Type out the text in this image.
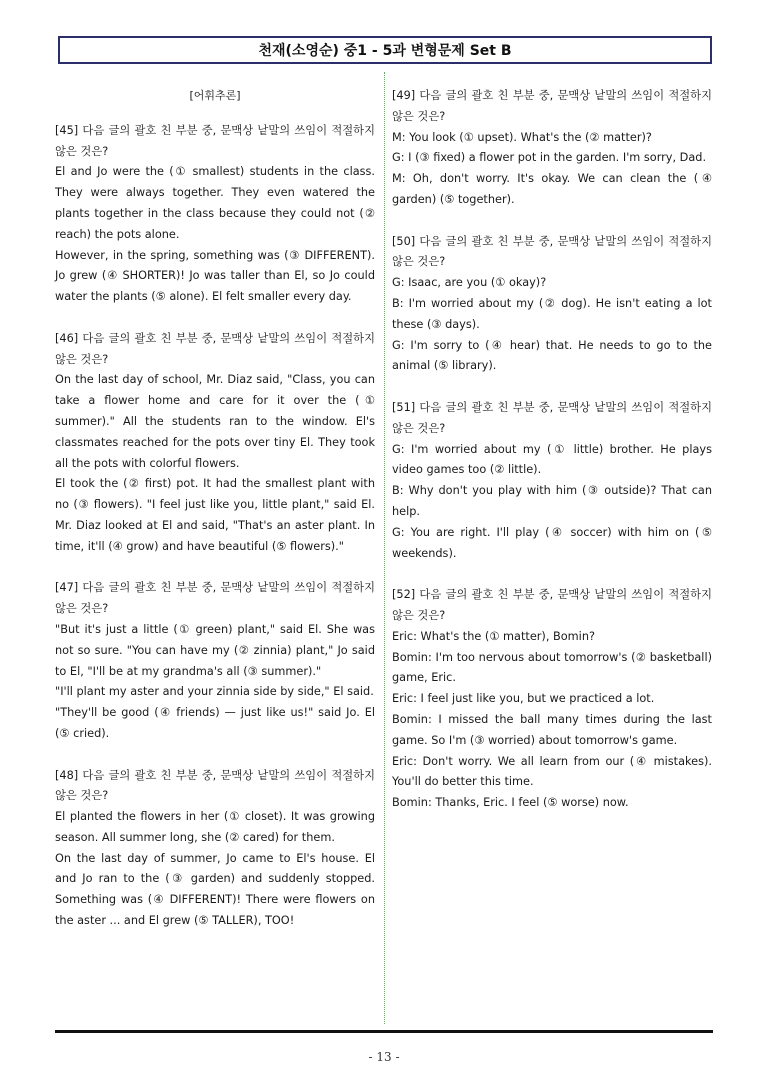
천재(소영순) 중1 - 5과 변형문제 Set B

[어휘추론]

[45] 다음 글의 괄호 친 부분 중, 문맥상 낱말의 쓰임이 적절하지 않은 것은?

El and Jo were the (① smallest) students in the class. They were always together. They even watered the plants together in the class because they could not (② reach) the pots alone.

However, in the spring, something was (③ DIFFERENT). Jo grew (④ SHORTER)! Jo was taller than El, so Jo could water the plants (⑤ alone). El felt smaller every day.

[46] 다음 글의 괄호 친 부분 중, 문맥상 낱말의 쓰임이 적절하지 않은 것은?

On the last day of school, Mr. Diaz said, "Class, you can take a flower home and care for it over the (① summer)." All the students ran to the window. El's classmates reached for the pots over tiny El. They took all the pots with colorful flowers.

El took the (② first) pot. It had the smallest plant with no (③ flowers). "I feel just like you, little plant," said El. Mr. Diaz looked at El and said, "That's an aster plant. In time, it'll (④ grow) and have beautiful (⑤ flowers)."

[47] 다음 글의 괄호 친 부분 중, 문맥상 낱말의 쓰임이 적절하지 않은 것은?

"But it's just a little (① green) plant," said El. She was not so sure. "You can have my (② zinnia) plant," Jo said to El, "I'll be at my grandma's all (③ summer)."

"I'll plant my aster and your zinnia side by side," El said.

"They'll be good (④ friends) — just like us!" said Jo. El (⑤ cried).

[48] 다음 글의 괄호 친 부분 중, 문맥상 낱말의 쓰임이 적절하지 않은 것은?

El planted the flowers in her (① closet). It was growing season. All summer long, she (② cared) for them.

On the last day of summer, Jo came to El's house. El and Jo ran to the (③ garden) and suddenly stopped. Something was (④ DIFFERENT)! There were flowers on the aster ... and El grew (⑤ TALLER), TOO!

[49] 다음 글의 괄호 친 부분 중, 문맥상 낱말의 쓰임이 적절하지 않은 것은?

M: You look (① upset). What's the (② matter)?

G: I (③ fixed) a flower pot in the garden. I'm sorry, Dad.

M: Oh, don't worry. It's okay. We can clean the (④ garden) (⑤ together).

[50] 다음 글의 괄호 친 부분 중, 문맥상 낱말의 쓰임이 적절하지 않은 것은?

G: Isaac, are you (① okay)?

B: I'm worried about my (② dog). He isn't eating a lot these (③ days).

G: I'm sorry to (④ hear) that. He needs to go to the animal (⑤ library).

[51] 다음 글의 괄호 친 부분 중, 문맥상 낱말의 쓰임이 적절하지 않은 것은?

G: I'm worried about my (① little) brother. He plays video games too (② little).

B: Why don't you play with him (③ outside)? That can help.

G: You are right. I'll play (④ soccer) with him on (⑤ weekends).

[52] 다음 글의 괄호 친 부분 중, 문맥상 낱말의 쓰임이 적절하지 않은 것은?

Eric: What's the (① matter), Bomin?

Bomin: I'm too nervous about tomorrow's (② basketball) game, Eric.

Eric: I feel just like you, but we practiced a lot.

Bomin: I missed the ball many times during the last game. So I'm (③ worried) about tomorrow's game.

Eric: Don't worry. We all learn from our (④ mistakes). You'll do better this time.

Bomin: Thanks, Eric. I feel (⑤ worse) now.

- 13 -
